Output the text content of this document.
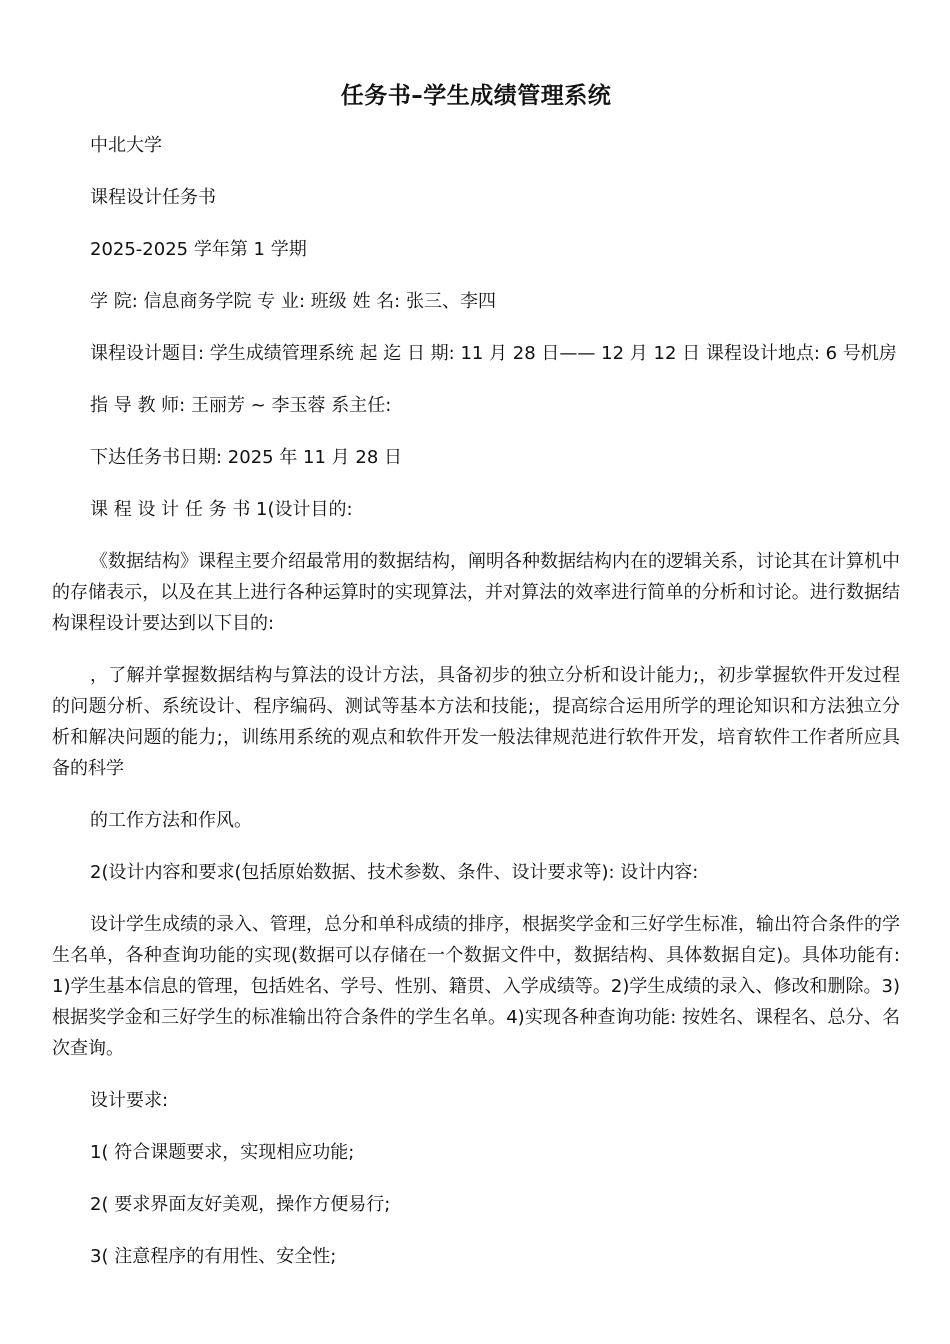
任务书–学生成绩管理系统

中北大学

课程设计任务书

2025-2025 学年第 1 学期

学 院: 信息商务学院 专 业: 班级 姓 名: 张三、李四

课程设计题目: 学生成绩管理系统 起 迄 日 期: 11 月 28 日—— 12 月 12 日 课程设计地点: 6 号机房

指 导 教 师: 王丽芳 ~ 李玉蓉 系主任:

下达任务书日期: 2025 年 11 月 28 日

课 程 设 计 任 务 书 1(设计目的:

《数据结构》课程主要介绍最常用的数据结构，阐明各种数据结构内在的逻辑关系，讨论其在计算机中的存储表示，以及在其上进行各种运算时的实现算法，并对算法的效率进行简单的分析和讨论。进行数据结构课程设计要达到以下目的:

，了解并掌握数据结构与算法的设计方法，具备初步的独立分析和设计能力;，初步掌握软件开发过程的问题分析、系统设计、程序编码、测试等基本方法和技能;，提高综合运用所学的理论知识和方法独立分析和解决问题的能力;，训练用系统的观点和软件开发一般法律规范进行软件开发，培育软件工作者所应具备的科学

的工作方法和作风。

2(设计内容和要求(包括原始数据、技术参数、条件、设计要求等): 设计内容:

设计学生成绩的录入、管理，总分和单科成绩的排序，根据奖学金和三好学生标准，输出符合条件的学生名单，各种查询功能的实现(数据可以存储在一个数据文件中，数据结构、具体数据自定)。具体功能有:1)学生基本信息的管理，包括姓名、学号、性别、籍贯、入学成绩等。2)学生成绩的录入、修改和删除。3)根据奖学金和三好学生的标准输出符合条件的学生名单。4)实现各种查询功能: 按姓名、课程名、总分、名次查询。

设计要求:

1( 符合课题要求，实现相应功能;

2( 要求界面友好美观，操作方便易行;

3( 注意程序的有用性、安全性;
